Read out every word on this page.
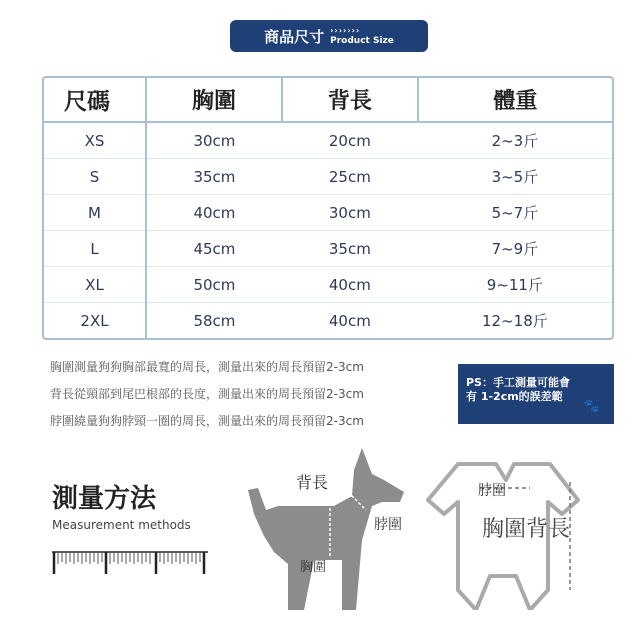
商品尺寸 ›››››››
Product Size
尺碼	胸圍	背長	體重
XS	30cm	20cm	2~3斤
S	35cm	25cm	3~5斤
M	40cm	30cm	5~7斤
L	45cm	35cm	7~9斤
XL	50cm	40cm	9~11斤
2XL	58cm	40cm	12~18斤

胸圍測量狗狗胸部最寬的周長，測量出來的周長預留2-3cm

背長從頸部到尾巴根部的長度，測量出來的周長預留2-3cm

脖圍繞量狗狗脖頸一圈的周長，測量出來的周長預留2-3cm

PS：手工測量可能會
有 1-2cm的誤差範
🐾
測量方法
Measurement methods
背長
脖圍
胸圍
脖圍
胸圍背長
